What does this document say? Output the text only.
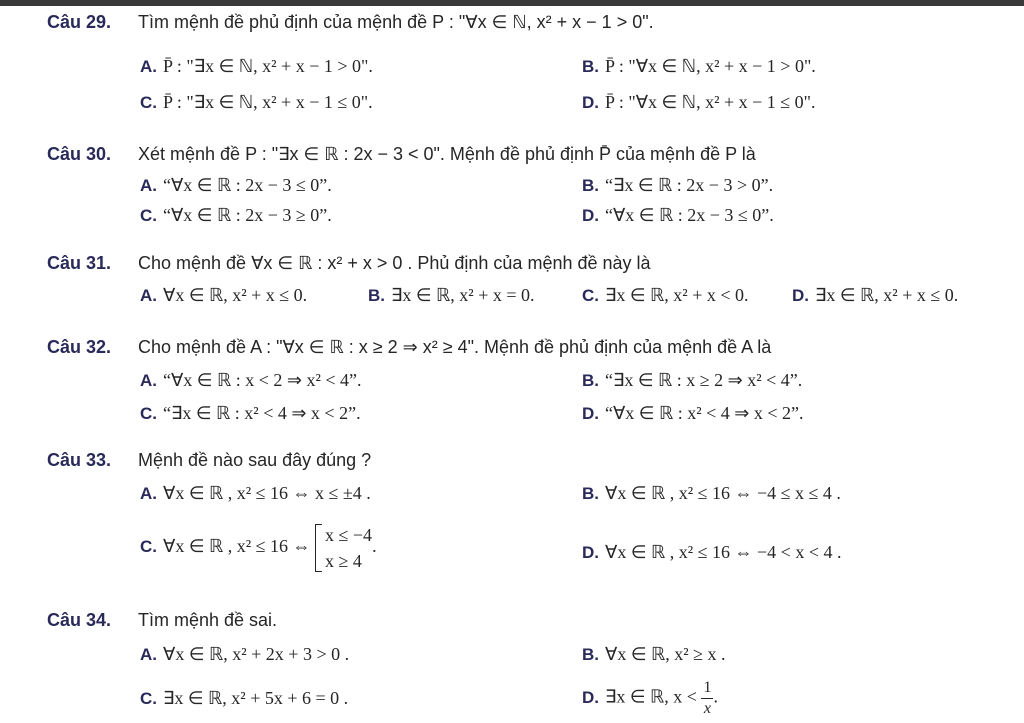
Câu 29. Tìm mệnh đề phủ định của mệnh đề P : "∀x ∈ ℕ, x² + x − 1 > 0".
A. P̄ : "∃x ∈ ℕ, x² + x − 1 > 0".	B. P̄ : "∀x ∈ ℕ, x² + x − 1 > 0".
C. P̄ : "∃x ∈ ℕ, x² + x − 1 ≤ 0".	D. P̄ : "∀x ∈ ℕ, x² + x − 1 ≤ 0".
Câu 30. Xét mệnh đề P : "∃x ∈ ℝ : 2x − 3 < 0". Mệnh đề phủ định P̄ của mệnh đề P là
A. “∀x ∈ ℝ : 2x − 3 ≤ 0”.	B. “∃x ∈ ℝ : 2x − 3 > 0”.
C. “∀x ∈ ℝ : 2x − 3 ≥ 0”.	D. “∀x ∈ ℝ : 2x − 3 ≤ 0”.
Câu 31. Cho mệnh đề ∀x ∈ ℝ : x² + x > 0 . Phủ định của mệnh đề này là
A. ∀x ∈ ℝ, x² + x ≤ 0.	B. ∃x ∈ ℝ, x² + x = 0.	C. ∃x ∈ ℝ, x² + x < 0.	D. ∃x ∈ ℝ, x² + x ≤ 0.
Câu 32. Cho mệnh đề A : "∀x ∈ ℝ : x ≥ 2 ⇒ x² ≥ 4". Mệnh đề phủ định của mệnh đề A là
A. “∀x ∈ ℝ : x < 2 ⇒ x² < 4”.	B. “∃x ∈ ℝ : x ≥ 2 ⇒ x² < 4”.
C. “∃x ∈ ℝ : x² < 4 ⇒ x < 2”.	D. “∀x ∈ ℝ : x² < 4 ⇒ x < 2”.
Câu 33. Mệnh đề nào sau đây đúng ?
A. ∀x ∈ ℝ , x² ≤ 16 ⇔ x ≤ ±4 .	B. ∀x ∈ ℝ , x² ≤ 16 ⇔ −4 ≤ x ≤ 4 .
C. ∀x ∈ ℝ , x² ≤ 16 ⇔
x ≤ −4
x ≥ 4
.	D. ∀x ∈ ℝ , x² ≤ 16 ⇔ −4 < x < 4 .
Câu 34. Tìm mệnh đề sai.
A. ∀x ∈ ℝ, x² + 2x + 3 > 0 .	B. ∀x ∈ ℝ, x² ≥ x .
C. ∃x ∈ ℝ, x² + 5x + 6 = 0 .	D. ∃x ∈ ℝ, $x < \frac{1}{x}$ .
